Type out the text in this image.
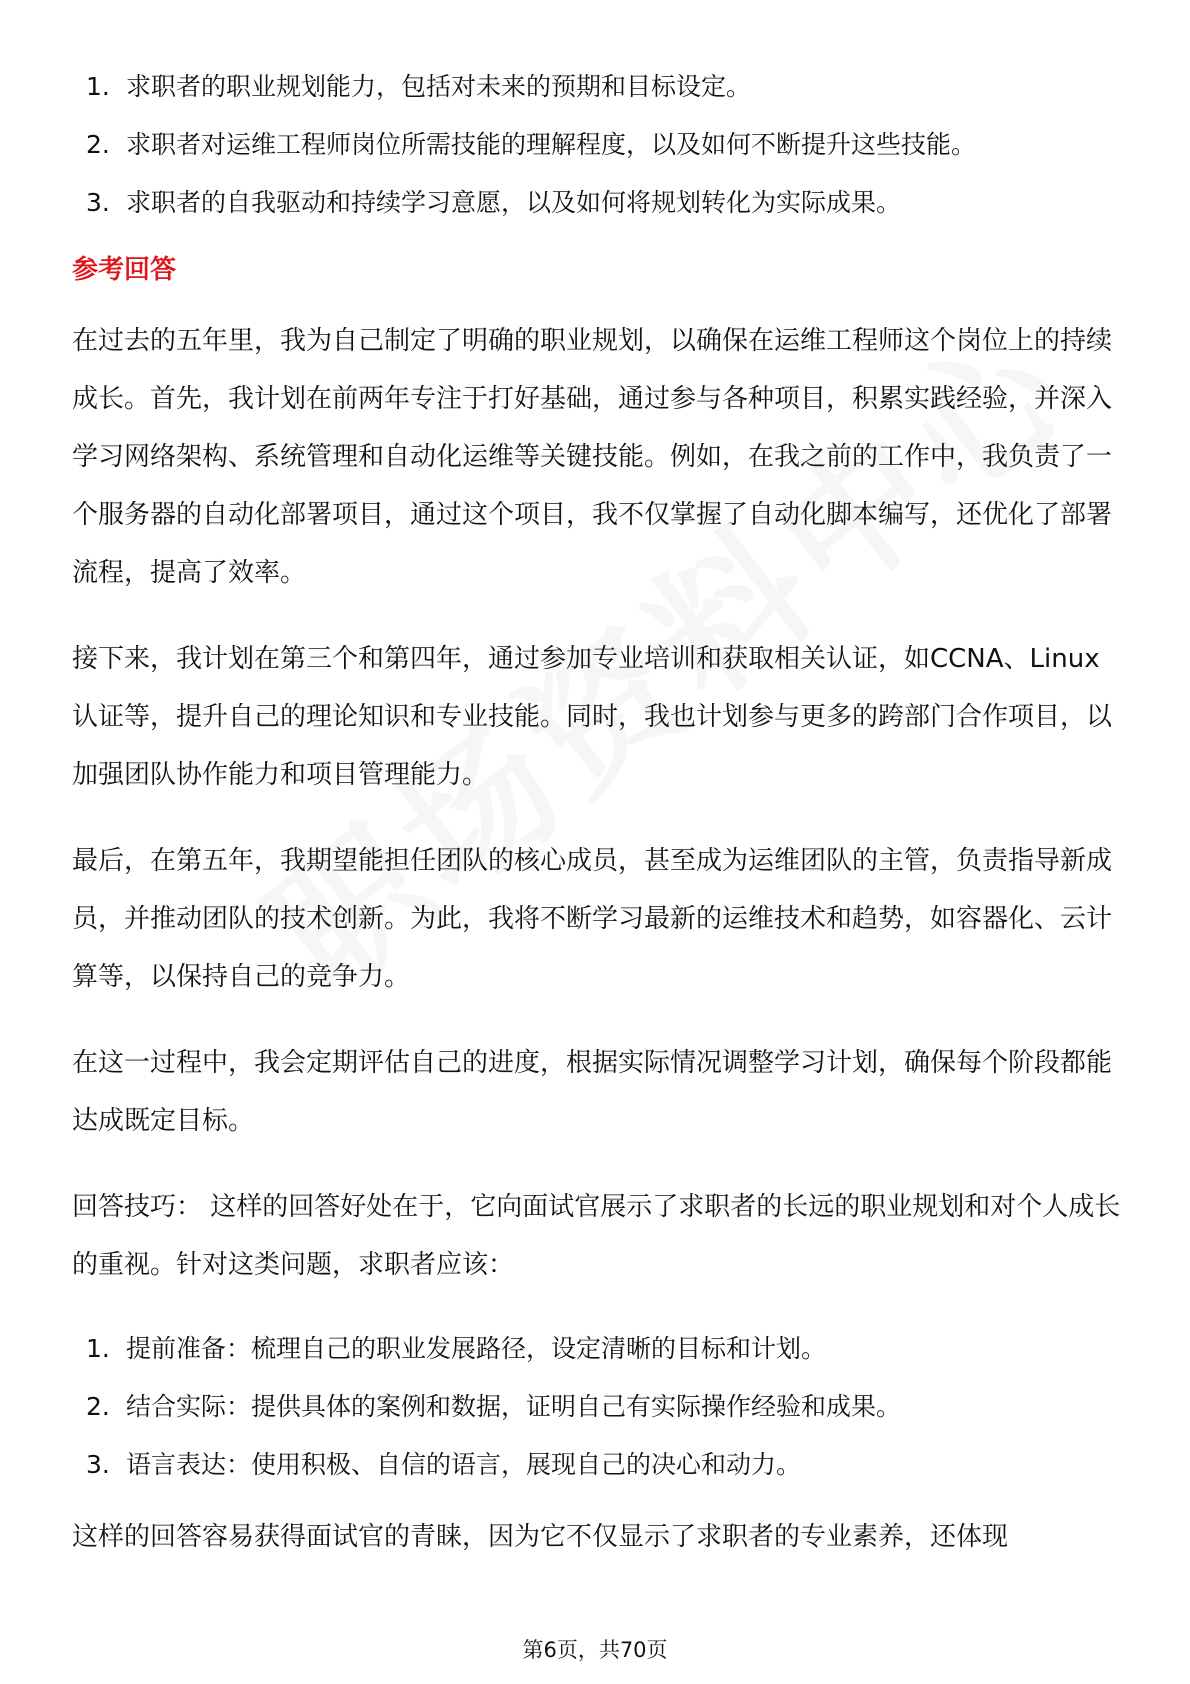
1. 求职者的职业规划能力，包括对未来的预期和目标设定。
2. 求职者对运维工程师岗位所需技能的理解程度，以及如何不断提升这些技能。
3. 求职者的自我驱动和持续学习意愿，以及如何将规划转化为实际成果。
参考回答

在过去的五年里，我为自己制定了明确的职业规划，以确保在运维工程师这个岗位上的持续成长。首先，我计划在前两年专注于打好基础，通过参与各种项目，积累实践经验，并深入学习网络架构、系统管理和自动化运维等关键技能。例如，在我之前的工作中，我负责了一个服务器的自动化部署项目，通过这个项目，我不仅掌握了自动化脚本编写，还优化了部署流程，提高了效率。

接下来，我计划在第三个和第四年，通过参加专业培训和获取相关认证，如CCNA、Linux认证等，提升自己的理论知识和专业技能。同时，我也计划参与更多的跨部门合作项目，以加强团队协作能力和项目管理能力。

最后，在第五年，我期望能担任团队的核心成员，甚至成为运维团队的主管，负责指导新成员，并推动团队的技术创新。为此，我将不断学习最新的运维技术和趋势，如容器化、云计算等，以保持自己的竞争力。

在这一过程中，我会定期评估自己的进度，根据实际情况调整学习计划，确保每个阶段都能达成既定目标。

回答技巧： 这样的回答好处在于，它向面试官展示了求职者的长远的职业规划和对个人成长的重视。针对这类问题，求职者应该：

1. 提前准备：梳理自己的职业发展路径，设定清晰的目标和计划。
2. 结合实际：提供具体的案例和数据，证明自己有实际操作经验和成果。
3. 语言表达：使用积极、自信的语言，展现自己的决心和动力。

这样的回答容易获得面试官的青睐，因为它不仅显示了求职者的专业素养，还体现

第6页，共70页
